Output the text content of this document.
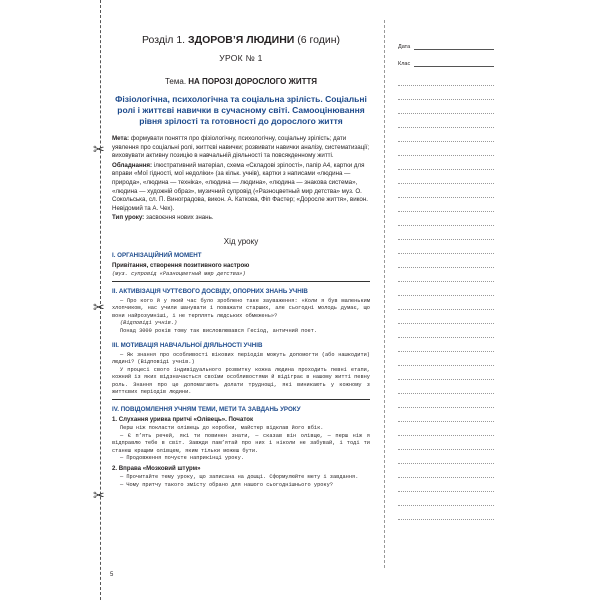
✂
✂
✂

Розділ 1. ЗДОРОВ’Я ЛЮДИНИ (6 годин)

УРОК № 1

Тема. НА ПОРОЗІ ДОРОСЛОГО ЖИТТЯ

Фізіологічна, психологічна та соціальна зрілість. Соціальні ролі і життєві навички в сучасному світі. Самооцінювання рівня зрілості та готовності до дорослого життя

Мета: формувати поняття про фізіологічну, психологічну, соціальну зрілість; дати уявлення про соціальні ролі, життєві навички; розвивати навички аналізу, систематизації; виховувати активну позицію в навчальній діяльності та повсякденному житті.

Обладнання: ілюстративний матеріал, схема «Складові зрілості», папір А4, картки для вправи «Мої гідності, мої недоліки» (за кільк. учнів), картки з написами «людина — природа», «людина — техніка», «людина — людина», «людина — знакова система», «людина — художній образ», музичний супровід («Разноцветный мир детства» муз. О. Сокольська, сл. П. Виноградова, викон. А. Каткова, Фіп Фастер; «Доросле життя», викон. Невідомий та А. Чех).

Тип уроку: засвоєння нових знань.

Хід уроку

І. ОРГАНІЗАЦІЙНИЙ МОМЕНТ

Привітання, створення позитивного настрою

(муз. супровід «Разноцветный мир детства»)

ІІ. АКТИВІЗАЦІЯ ЧУТТЄВОГО ДОСВІДУ, ОПОРНИХ ЗНАНЬ УЧНІВ

— Про кого й у який час було зроблено таке зауваження: «Коли я був маленьким хлопчиком, нас учили шанувати і поважати старших, але сьогодні молодь думає, що вони найрозумніші, і не терплять людських обмежень»?

(Відповіді учнів.)

Понад 3000 років тому так висловлювався Гесіод, античний поет.

ІІІ. МОТИВАЦІЯ НАВЧАЛЬНОЇ ДІЯЛЬНОСТІ УЧНІВ

— Як знання про особливості вікових періодів можуть допомогти (або нашкодити) людині? (Відповіді учнів.)

У процесі свого індивідуального розвитку кожна людина проходить певні етапи, кожний із яких відзначається своїми особливостями й відіграє в нашому житті певну роль. Знання про це допомагають долати труднощі, які виникають у кожному з життєвих періодів людини.

IV. ПОВІДОМЛЕННЯ УЧНЯМ ТЕМИ, МЕТИ ТА ЗАВДАНЬ УРОКУ

1. Слухання уривка притчі «Олівець». Початок

Перш ніж покласти олівець до коробки, майстер відклав його вбік.

— Є п’ять речей, які ти повинен знати, — сказав він олівцю, — перш ніж я відправлю тебе в світ. Завжди пам’ятай про них і ніколи не забувай, і тоді ти станеш кращим олівцем, яким тільки можеш бути.

— Продовження почуєте наприкінці уроку.

2. Вправа «Мозковий штурм»

— Прочитайте тему уроку, що записана на дошці. Сформулюйте мету і завдання.

— Чому притчу такого змісту обрано для нашого сьогоднішнього уроку?

5
Дата
Клас
